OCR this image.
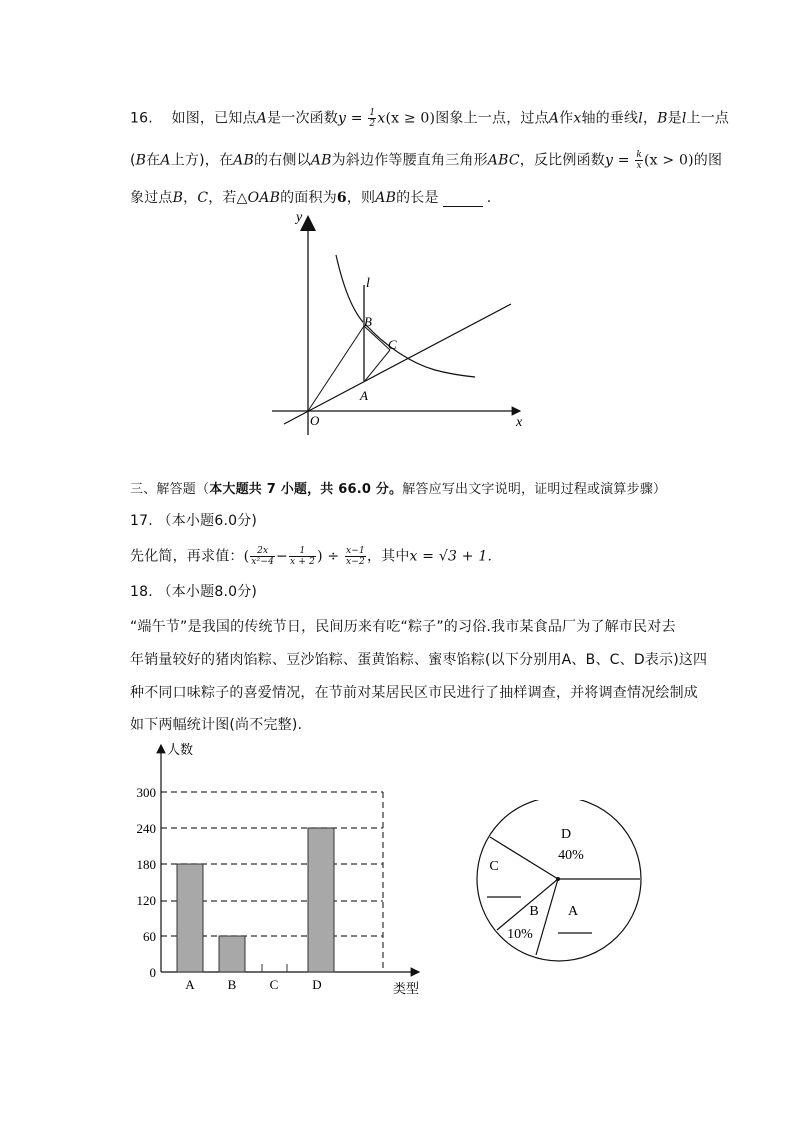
16. 如图，已知点A是一次函数$y = \frac{1}{2} x(x \ge 0)$图象上一点，过点A作x轴的垂线l，B是l上一点
(B在A上方)，在AB的右侧以AB为斜边作等腰直角三角形ABC，反比例函数$y = \frac{k}{x} (x > 0)$的图
象过点B，C，若△OAB的面积为6，则AB的长是	.
y
x
O
l
B
C
A
三、解答题（本大题共 7 小题，共 66.0 分。解答应写出文字说明，证明过程或演算步骤）
17. （本小题6.0分)
先化简，再求值：( $\frac{2x}{\text{x²−4}} - \frac{1}{x + 2}$ ) ÷ $\frac{x-1}{x-2}$ ，其中x = √3 + 1.
18. （本小题8.0分)
“端午节”是我国的传统节日，民间历来有吃“粽子”的习俗.我市某食品厂为了解市民对去
年销量较好的猪肉馅粽、豆沙馅粽、蛋黄馅粽、蜜枣馅粽(以下分别用A、B、C、D表示)这四
种不同口味粽子的喜爱情况，在节前对某居民区市民进行了抽样调查，并将调查情况绘制成
如下两幅统计图(尚不完整).
0
60
120
180
240
300
A	B	C	D
人数
类型
D
40%
C
B
10%
A
